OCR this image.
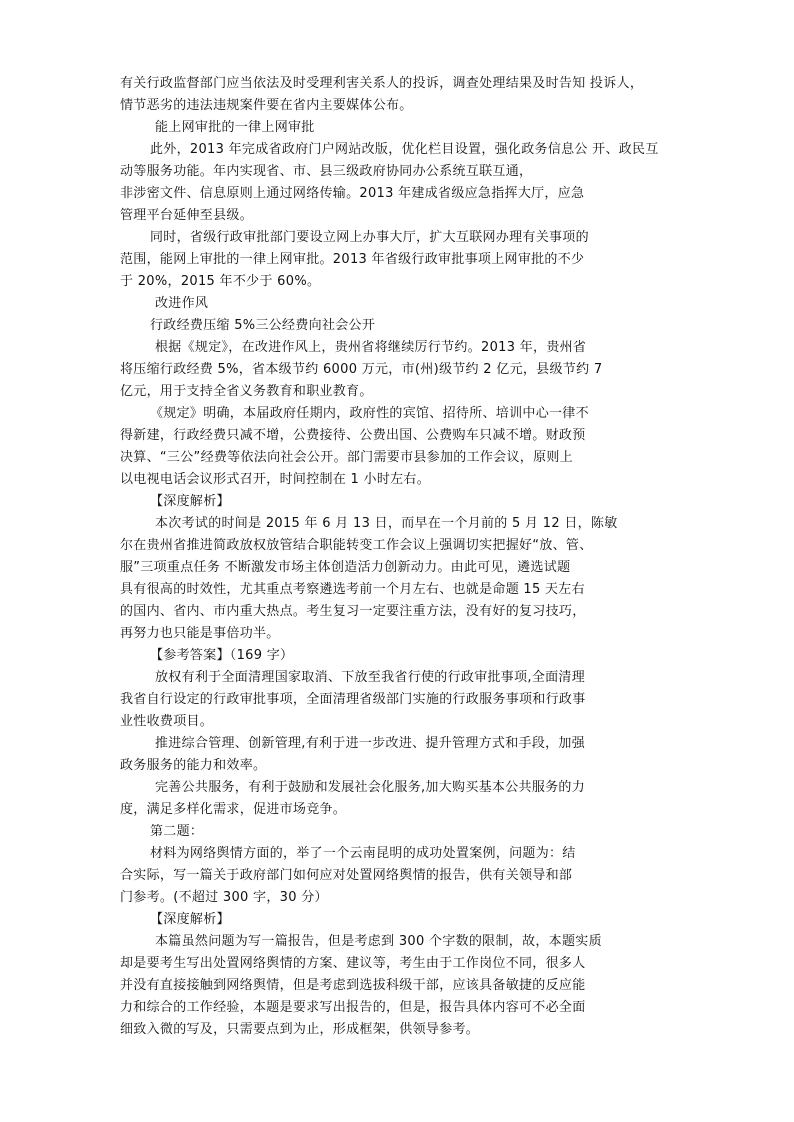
有关行政监督部门应当依法及时受理利害关系人的投诉，调查处理结果及时告知 投诉人，
情节恶劣的违法违规案件要在省内主要媒体公布。
能上网审批的一律上网审批
此外，2013 年完成省政府门户网站改版，优化栏目设置，强化政务信息公 开、政民互
动等服务功能。年内实现省、市、县三级政府协同办公系统互联互通，
非涉密文件、信息原则上通过网络传输。2013 年建成省级应急指挥大厅，应急
管理平台延伸至县级。
同时，省级行政审批部门要设立网上办事大厅，扩大互联网办理有关事项的
范围，能网上审批的一律上网审批。2013 年省级行政审批事项上网审批的不少
于 20%，2015 年不少于 60%。
改进作风
行政经费压缩 5%三公经费向社会公开
根据《规定》，在改进作风上，贵州省将继续厉行节约。2013 年，贵州省
将压缩行政经费 5%，省本级节约 6000 万元，市(州)级节约 2 亿元，县级节约 7
亿元，用于支持全省义务教育和职业教育。
《规定》明确，本届政府任期内，政府性的宾馆、招待所、培训中心一律不
得新建，行政经费只减不增，公费接待、公费出国、公费购车只减不增。财政预
决算、“三公”经费等依法向社会公开。部门需要市县参加的工作会议，原则上
以电视电话会议形式召开，时间控制在 1 小时左右。
【深度解析】
本次考试的时间是 2015 年 6 月 13 日，而早在一个月前的 5 月 12 日，陈敏
尔在贵州省推进简政放权放管结合职能转变工作会议上强调切实把握好“放、管、
服”三项重点任务 不断激发市场主体创造活力创新动力。由此可见，遴选试题
具有很高的时效性，尤其重点考察遴选考前一个月左右、也就是命题 15 天左右
的国内、省内、市内重大热点。考生复习一定要注重方法，没有好的复习技巧，
再努力也只能是事倍功半。
【参考答案】（169 字）
放权有利于全面清理国家取消、下放至我省行使的行政审批事项,全面清理
我省自行设定的行政审批事项，全面清理省级部门实施的行政服务事项和行政事
业性收费项目。
推进综合管理、创新管理,有利于进一步改进、提升管理方式和手段，加强
政务服务的能力和效率。
完善公共服务，有利于鼓励和发展社会化服务,加大购买基本公共服务的力
度，满足多样化需求，促进市场竞争。
第二题：
材料为网络舆情方面的，举了一个云南昆明的成功处置案例，问题为：结
合实际，写一篇关于政府部门如何应对处置网络舆情的报告，供有关领导和部
门参考。(不超过 300 字，30 分）
【深度解析】
本篇虽然问题为写一篇报告，但是考虑到 300 个字数的限制，故，本题实质
却是要考生写出处置网络舆情的方案、建议等，考生由于工作岗位不同，很多人
并没有直接接触到网络舆情，但是考虑到选拔科级干部，应该具备敏捷的反应能
力和综合的工作经验，本题是要求写出报告的，但是，报告具体内容可不必全面
细致入微的写及，只需要点到为止，形成框架，供领导参考。
